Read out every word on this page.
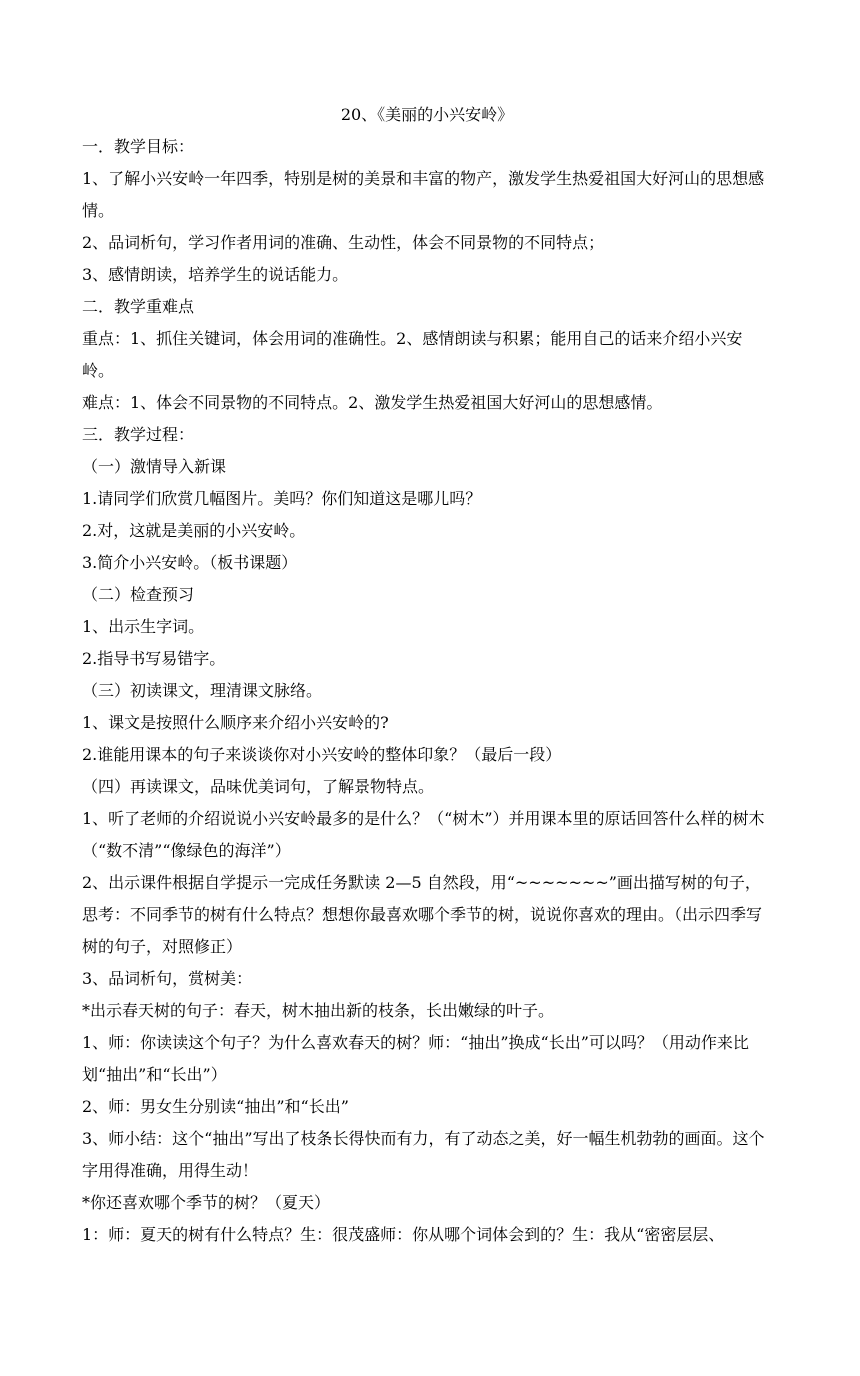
20、《美丽的小兴安岭》

一．教学目标：

1、了解小兴安岭一年四季，特别是树的美景和丰富的物产，激发学生热爱祖国大好河山的思想感情。

2、品词析句，学习作者用词的准确、生动性，体会不同景物的不同特点；

3、感情朗读，培养学生的说话能力。

二．教学重难点

重点：1、抓住关键词，体会用词的准确性。2、感情朗读与积累；能用自己的话来介绍小兴安岭。

难点：1、体会不同景物的不同特点。2、激发学生热爱祖国大好河山的思想感情。

三．教学过程：

（一）激情导入新课

1.请同学们欣赏几幅图片。美吗？你们知道这是哪儿吗？

2.对，这就是美丽的小兴安岭。

3.简介小兴安岭。（板书课题）

（二）检查预习

1、出示生字词。

2.指导书写易错字。

（三）初读课文，理清课文脉络。

1、课文是按照什么顺序来介绍小兴安岭的?

2.谁能用课本的句子来谈谈你对小兴安岭的整体印象？（最后一段）

（四）再读课文，品味优美词句，了解景物特点。

1、听了老师的介绍说说小兴安岭最多的是什么？（“树木”）并用课本里的原话回答什么样的树木（“数不清”“像绿色的海洋”）

2、出示课件根据自学提示一完成任务默读 2—5 自然段，用“~~~~~~~”画出描写树的句子，思考：不同季节的树有什么特点？想想你最喜欢哪个季节的树，说说你喜欢的理由。（出示四季写树的句子，对照修正）

3、品词析句，赏树美：

*出示春天树的句子：春天，树木抽出新的枝条，长出嫩绿的叶子。

1、师：你读读这个句子？为什么喜欢春天的树？师：“抽出”换成“长出”可以吗？（用动作来比划“抽出”和“长出”）

2、师：男女生分别读“抽出”和“长出”

3、师小结：这个“抽出”写出了枝条长得快而有力，有了动态之美，好一幅生机勃勃的画面。这个字用得准确，用得生动！

*你还喜欢哪个季节的树？（夏天）

1：师：夏天的树有什么特点？生：很茂盛师：你从哪个词体会到的？生：我从“密密层层、
